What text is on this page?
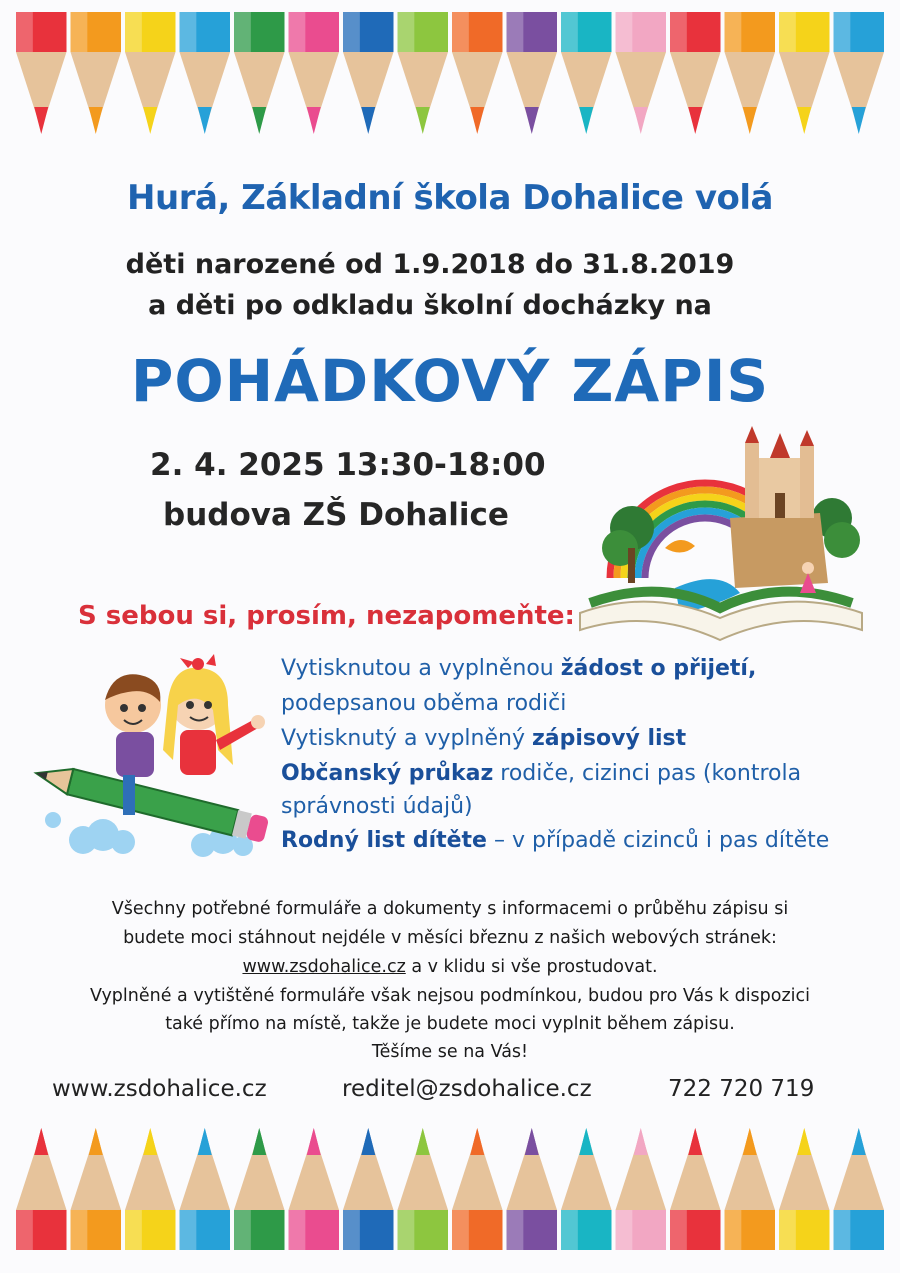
Hurá, Základní škola Dohalice volá
děti narozené od 1.9.2018 do 31.8.2019
a děti po odkladu školní docházky na
POHÁDKOVÝ ZÁPIS
2. 4. 2025 13:30-18:00
budova ZŠ Dohalice
S sebou si, prosím, nezapomeňte:
Vytisknutou a vyplněnou žádost o přijetí,
podepsanou oběma rodiči
Vytisknutý a vyplněný zápisový list
Občanský průkaz rodiče, cizinci pas (kontrola
správnosti údajů)
Rodný list dítěte – v případě cizinců i pas dítěte
Všechny potřebné formuláře a dokumenty s informacemi o průběhu zápisu si
budete moci stáhnout nejdéle v měsíci březnu z našich webových stránek:
www.zsdohalice.cz a v klidu si vše prostudovat.
Vyplněné a vytištěné formuláře však nejsou podmínkou, budou pro Vás k dispozici
také přímo na místě, takže je budete moci vyplnit během zápisu.
Těšíme se na Vás!
www.zsdohalice.cz	reditel@zsdohalice.cz	722 720 719
